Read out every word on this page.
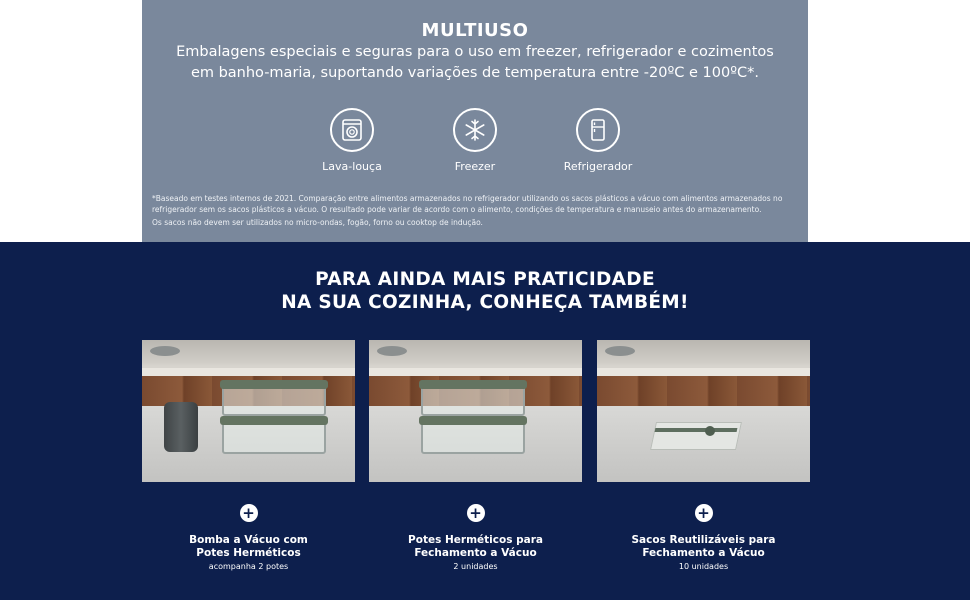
MULTIUSO
Embalagens especiais e seguras para o uso em freezer, refrigerador e cozimentos
em banho-maria, suportando variações de temperatura entre -20ºC e 100ºC*.
Lava-louça	Freezer	Refrigerador

*Baseado em testes internos de 2021. Comparação entre alimentos armazenados no refrigerador utilizando os sacos plásticos a vácuo com alimentos armazenados no
refrigerador sem os sacos plásticos a vácuo. O resultado pode variar de acordo com o alimento, condições de temperatura e manuseio antes do armazenamento.

Os sacos não devem ser utilizados no micro-ondas, fogão, forno ou cooktop de indução.

PARA AINDA MAIS PRATICIDADE
NA SUA COZINHA, CONHEÇA TAMBÉM!
+
Bomba a Vácuo com
Potes Herméticos
acompanha 2 potes
+
Potes Herméticos para
Fechamento a Vácuo
2 unidades
+
Sacos Reutilizáveis para
Fechamento a Vácuo
10 unidades
